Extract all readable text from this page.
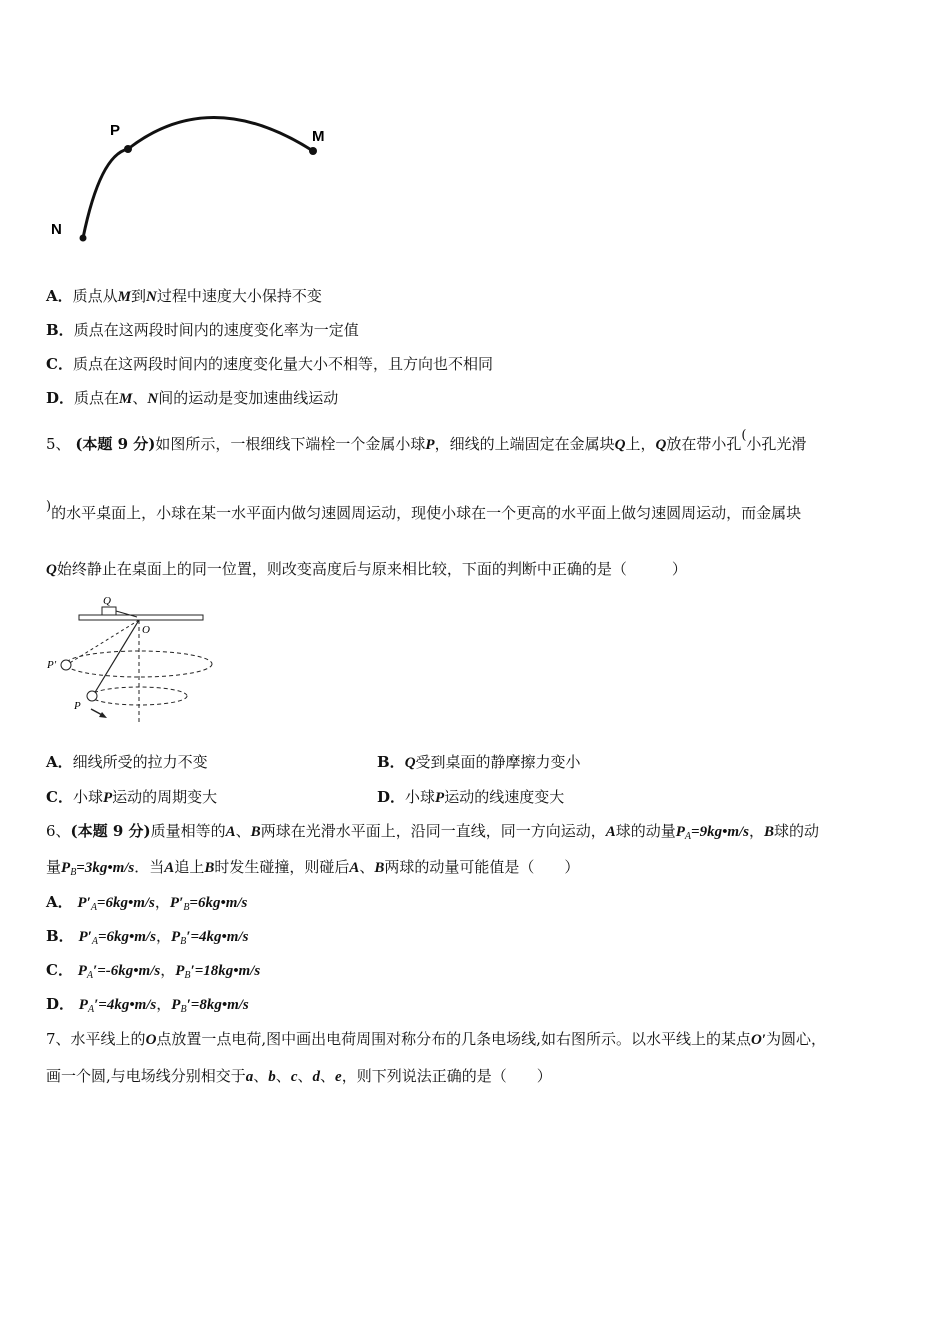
P	M
N
A．质点从M到N过程中速度大小保持不变
B．质点在这两段时间内的速度变化率为一定值
C．质点在这两段时间内的速度变化量大小不相等，且方向也不相同
D．质点在M、N间的运动是变加速曲线运动
5、 (本题 9 分)如图所示，一根细线下端栓一个金属小球P，细线的上端固定在金属块Q上，Q放在带小孔(小孔光滑
)的水平桌面上，小球在某一水平面内做匀速圆周运动，现使小球在一个更高的水平面上做匀速圆周运动，而金属块
Q始终静止在桌面上的同一位置，则改变高度后与原来相比较，下面的判断中正确的是（　　　）
Q
O
P′
P
A．细线所受的拉力不变	B．Q受到桌面的静摩擦力变小
C．小球P运动的周期变大	D．小球P运动的线速度变大
6、(本题 9 分)质量相等的A、B两球在光滑水平面上，沿同一直线，同一方向运动，A球的动量$P_A=9kg•m/s$，B球的动
量$P_B=3kg•m/s$．当A追上B时发生碰撞，则碰后A、B两球的动量可能值是（　　）
A． $P'_A=6kg•m/s$，$P'_B=6kg•m/s$
B． $P'_A=6kg•m/s$，$P_B'=4kg•m/s$
C． $P_A'=-6kg•m/s$，$P_B'=18kg•m/s$
D． $P_A'=4kg•m/s$，$P_B'=8kg•m/s$
7、水平线上的O点放置一点电荷,图中画出电荷周围对称分布的几条电场线,如右图所示。以水平线上的某点O′为圆心，
画一个圆,与电场线分别相交于a、b、c、d、e，则下列说法正确的是（　　）
